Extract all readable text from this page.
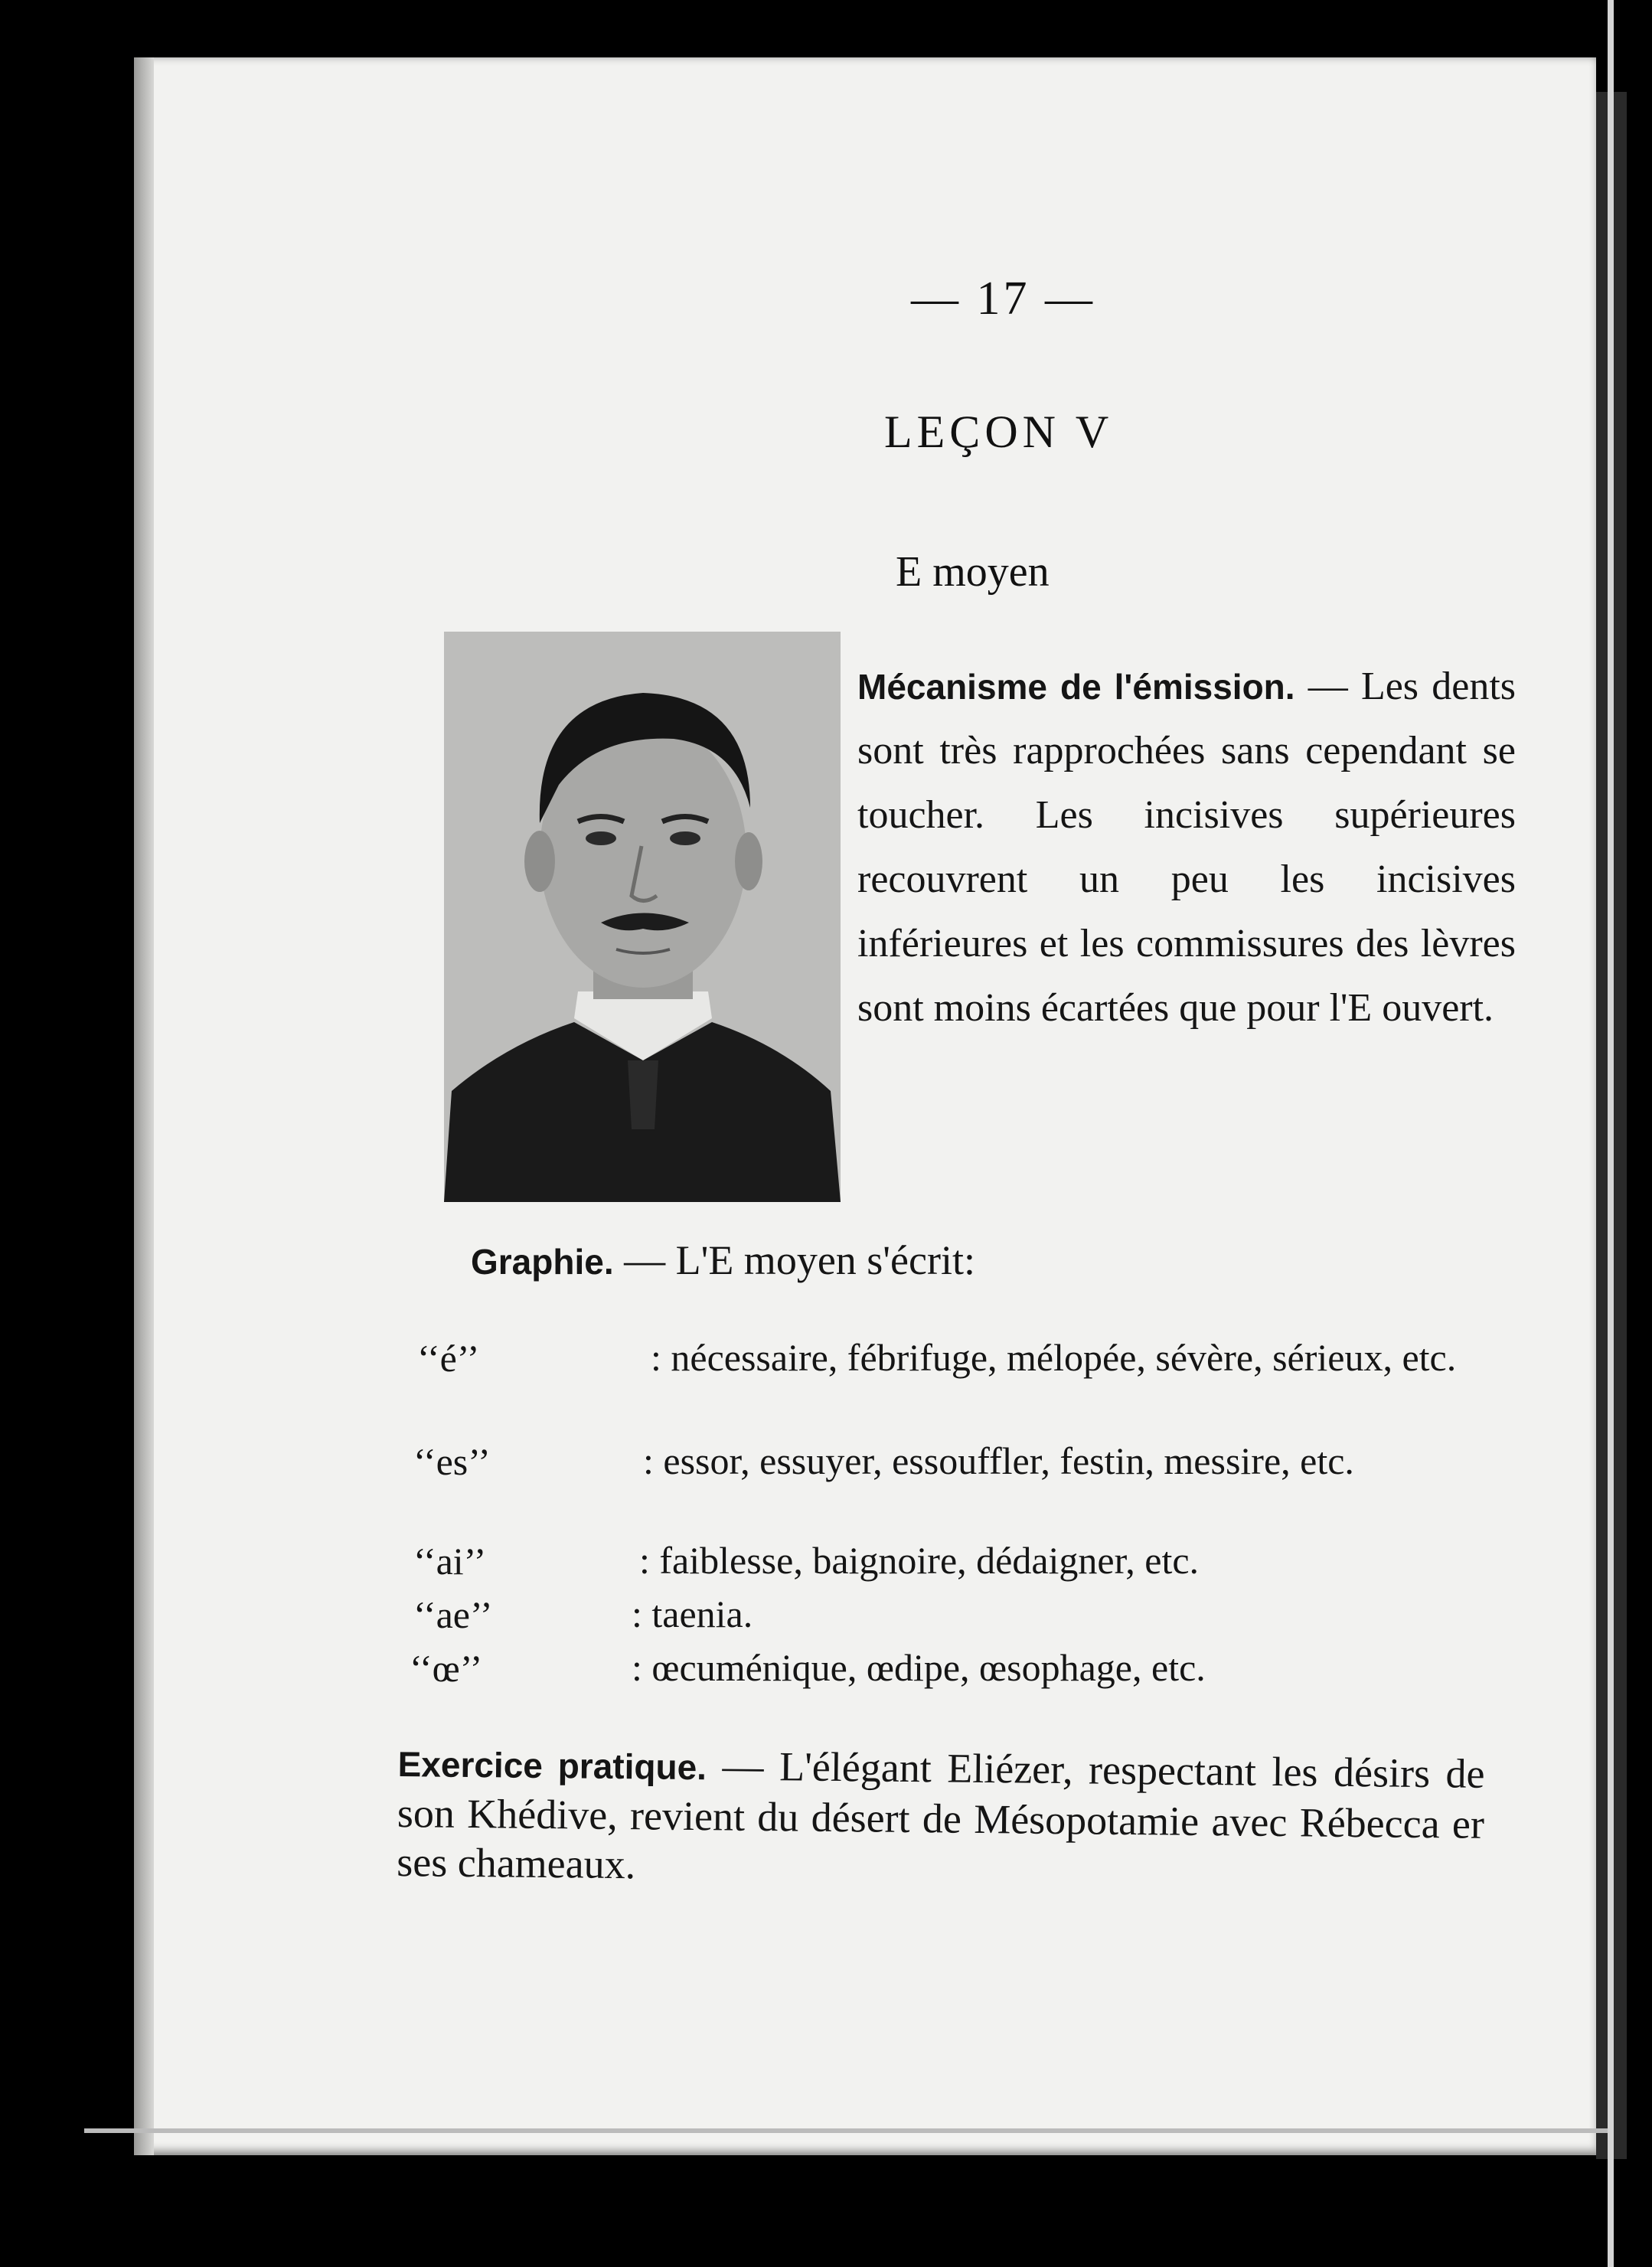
— 17 —
LEÇON V
E moyen
Mécanisme de l'émission. — Les dents sont très rapprochées sans cependant se toucher. Les incisives supérieures recouvrent un peu les incisives inférieures et les commissures des lèvres sont moins écartées que pour l'E ouvert.
Graphie. — L'E moyen s'écrit:
‘‘é’’	: nécessaire, fébrifuge, mélopée, sévère, sérieux, etc.
‘‘es’’	: essor, essuyer, essouffler, festin, messire, etc.
‘‘ai’’	: faiblesse, baignoire, dédaigner, etc.
‘‘ae’’	: taenia.
‘‘œ’’	: œcuménique, œdipe, œsophage, etc.
Exercice pratique. — L'élégant Eliézer, respectant les désirs de son Khédive, revient du désert de Mésopotamie avec Rébecca er ses chameaux.
